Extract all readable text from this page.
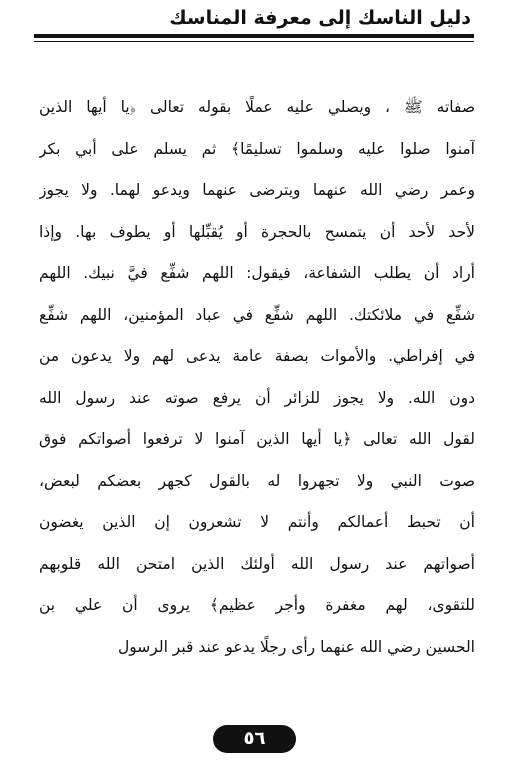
دليل الناسك إلى معرفة المناسك
صفاته ﷺ ، ويصلي عليه عملًا بقوله تعالى ﴿يا أيها الذين
آمنوا صلوا عليه وسلموا تسليمًا﴾ ثم يسلم على أبي بكر
وعمر رضي الله عنهما ويترضى عنهما ويدعو لهما. ولا يجوز
لأحد لأحد أن يتمسح بالحجرة أو يُقبِّلها أو يطوف بها. وإذا
أراد أن يطلب الشفاعة، فيقول: اللهم شفِّع فيَّ نبيك. اللهم
شفِّع في ملائكتك. اللهم شفِّع في عباد المؤمنين، اللهم شفِّع
في إفراطي. والأموات بصفة عامة يدعى لهم ولا يدعون من
دون الله. ولا يجوز للزائر أن يرفع صوته عند رسول الله
لقول الله تعالى ﴿يا أيها الذين آمنوا لا ترفعوا أصواتكم فوق
صوت النبي ولا تجهروا له بالقول كجهر بعضكم لبعض،
أن تحبط أعمالكم وأنتم لا تشعرون إن الذين يغضون
أصواتهم عند رسول الله أولئك الذين امتحن الله قلوبهم
للتقوى، لهم مغفرة وأجر عظيم﴾ يروى أن علي بن
الحسين رضي الله عنهما رأى رجلًا يدعو عند قبر الرسول
٥٦
